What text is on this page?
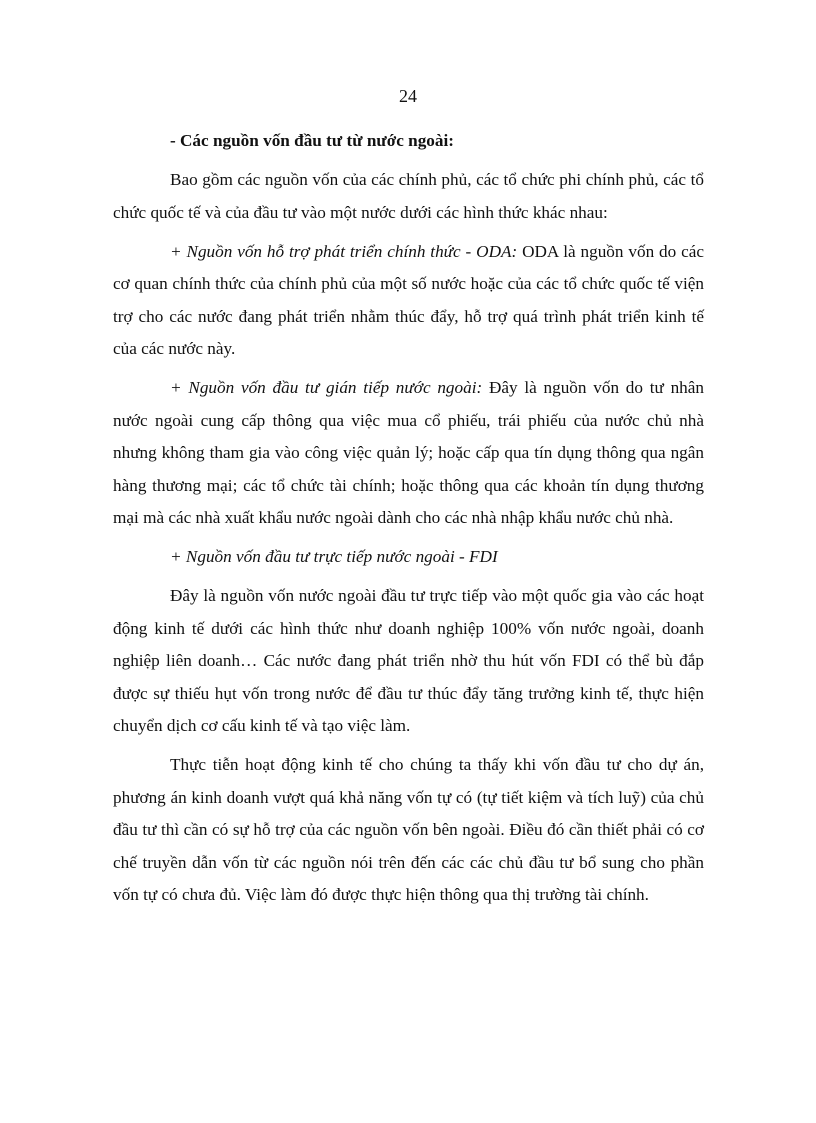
24

- Các nguồn vốn đầu tư từ nước ngoài:

Bao gồm các nguồn vốn của các chính phủ, các tổ chức phi chính phủ, các tổ chức quốc tế và của đầu tư vào một nước dưới các hình thức khác nhau:

+ Nguồn vốn hỗ trợ phát triển chính thức - ODA: ODA là nguồn vốn do các cơ quan chính thức của chính phủ của một số nước hoặc của các tổ chức quốc tế viện trợ cho các nước đang phát triển nhằm thúc đẩy, hỗ trợ quá trình phát triển kinh tế của các nước này.

+ Nguồn vốn đầu tư gián tiếp nước ngoài: Đây là nguồn vốn do tư nhân nước ngoài cung cấp thông qua việc mua cổ phiếu, trái phiếu của nước chủ nhà nhưng không tham gia vào công việc quản lý; hoặc cấp qua tín dụng thông qua ngân hàng thương mại; các tổ chức tài chính; hoặc thông qua các khoản tín dụng thương mại mà các nhà xuất khẩu nước ngoài dành cho các nhà nhập khẩu nước chủ nhà.

+ Nguồn vốn đầu tư trực tiếp nước ngoài - FDI

Đây là nguồn vốn nước ngoài đầu tư trực tiếp vào một quốc gia vào các hoạt động kinh tế dưới các hình thức như doanh nghiệp 100% vốn nước ngoài, doanh nghiệp liên doanh… Các nước đang phát triển nhờ thu hút vốn FDI có thể bù đắp được sự thiếu hụt vốn trong nước để đầu tư thúc đẩy tăng trưởng kinh tế, thực hiện chuyển dịch cơ cấu kinh tế và tạo việc làm.

Thực tiễn hoạt động kinh tế cho chúng ta thấy khi vốn đầu tư cho dự án, phương án kinh doanh vượt quá khả năng vốn tự có (tự tiết kiệm và tích luỹ) của chủ đầu tư thì cần có sự hỗ trợ của các nguồn vốn bên ngoài. Điều đó cần thiết phải có cơ chế truyền dẫn vốn từ các nguồn nói trên đến các các chủ đầu tư bổ sung cho phần vốn tự có chưa đủ. Việc làm đó được thực hiện thông qua thị trường tài chính.
